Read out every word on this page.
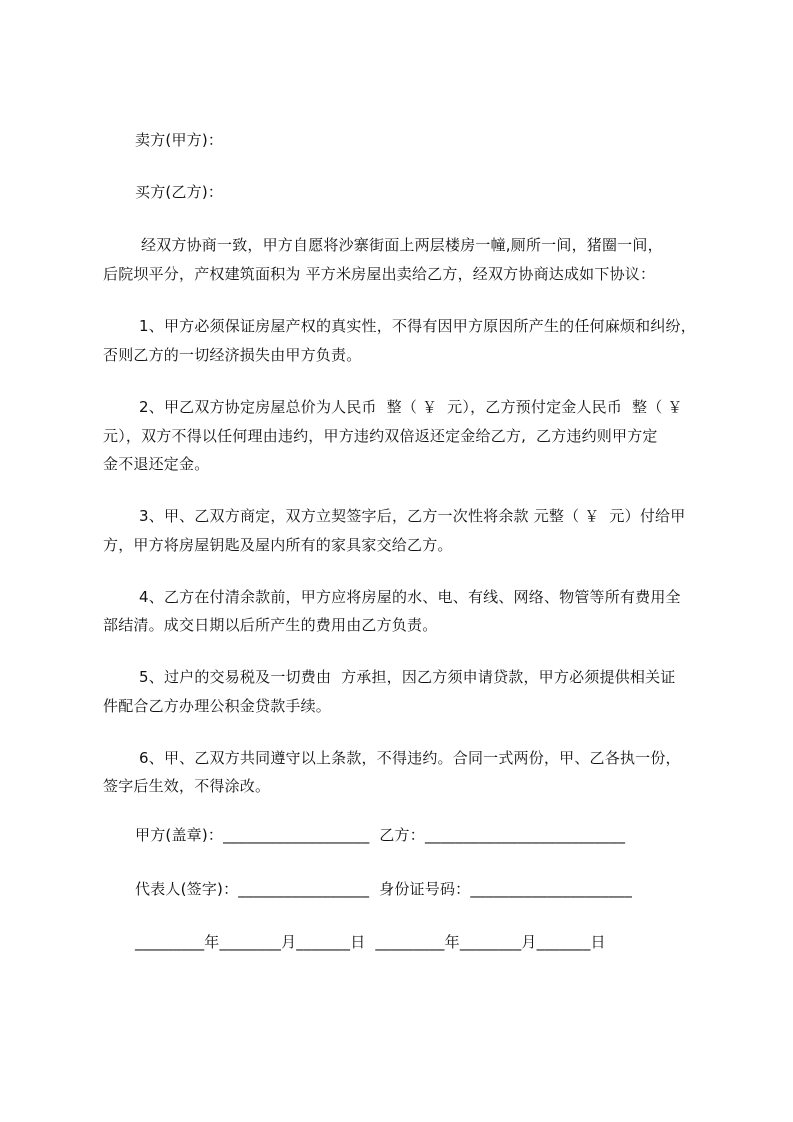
卖方(甲方)：
买方(乙方)：
经双方协商一致，甲方自愿将沙寨街面上两层楼房一幢,厕所一间，猪圈一间，
后院坝平分，产权建筑面积为 平方米房屋出卖给乙方，经双方协商达成如下协议：
1、甲方必须保证房屋产权的真实性，不得有因甲方原因所产生的任何麻烦和纠纷，
否则乙方的一切经济损失由甲方负责。
2、甲乙双方协定房屋总价为人民币  整（ ￥  元），乙方预付定金人民币  整（ ￥
元），双方不得以任何理由违约，甲方违约双倍返还定金给乙方,  乙方违约则甲方定
金不退还定金。
3、甲、乙双方商定，双方立契签字后，乙方一次性将余款 元整（ ￥  元）付给甲
方，甲方将房屋钥匙及屋内所有的家具家交给乙方。
4、乙方在付清余款前，甲方应将房屋的水、电、有线、网络、物管等所有费用全
部结清。成交日期以后所产生的费用由乙方负责。
5、过户的交易税及一切费由  方承担，因乙方须申请贷款，甲方必须提供相关证
件配合乙方办理公积金贷款手续。
6、甲、乙双方共同遵守以上条款，不得违约。合同一式两份，甲、乙各执一份，
签字后生效，不得涂改。
甲方(盖章)：___________________  乙方：__________________________
代表人(签字)：_________________  身份证号码：_____________________
_________年________月_______日  _________年________月_______日
